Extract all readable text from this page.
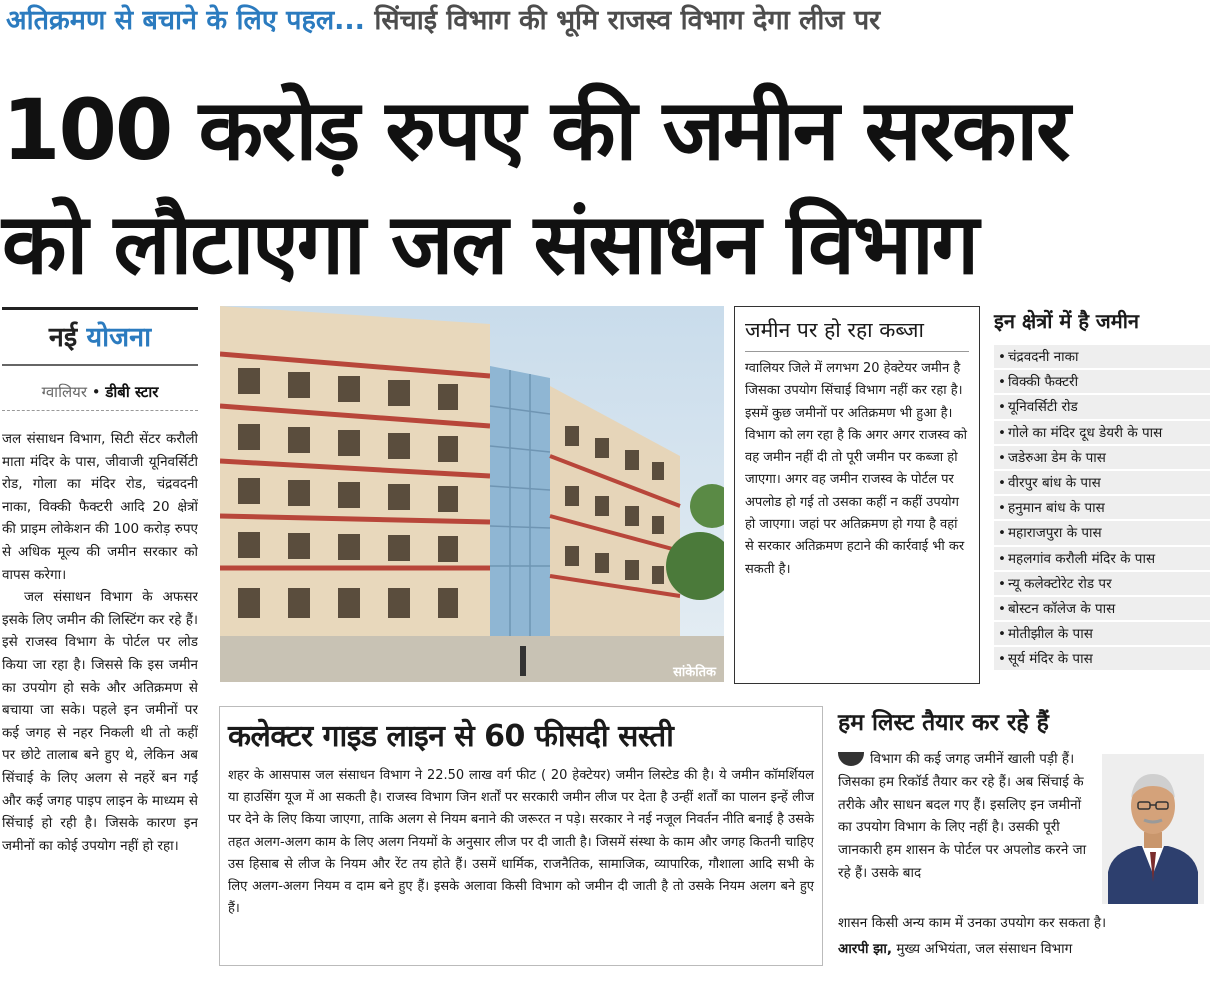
अतिक्रमण से बचाने के लिए पहल... सिंचाई विभाग की भूमि राजस्व विभाग देगा लीज पर
100 करोड़ रुपए की जमीन सरकार
को लौटाएगा जल संसाधन विभाग
नई योजना
ग्वालियर • डीबी स्टार

जल संसाधन विभाग, सिटी सेंटर करौली माता मंदिर के पास, जीवाजी यूनिवर्सिटी रोड, गोला का मंदिर रोड, चंद्रवदनी नाका, विक्की फैक्टरी आदि 20 क्षेत्रों की प्राइम लोकेशन की 100 करोड़ रुपए से अधिक मूल्य की जमीन सरकार को वापस करेगा।

जल संसाधन विभाग के अफसर इसके लिए जमीन की लिस्टिंग कर रहे हैं। इसे राजस्व विभाग के पोर्टल पर लोड किया जा रहा है। जिससे कि इस जमीन का उपयोग हो सके और अतिक्रमण से बचाया जा सके। पहले इन जमीनों पर कई जगह से नहर निकली थी तो कहीं पर छोटे तालाब बने हुए थे, लेकिन अब सिंचाई के लिए अलग से नहरें बन गईं और कई जगह पाइप लाइन के माध्यम से सिंचाई हो रही है। जिसके कारण इन जमीनों का कोई उपयोग नहीं हो रहा।

सांकेतिक
जमीन पर हो रहा कब्जा

ग्वालियर जिले में लगभग 20 हेक्टेयर जमीन है जिसका उपयोग सिंचाई विभाग नहीं कर रहा है। इसमें कुछ जमीनों पर अतिक्रमण भी हुआ है। विभाग को लग रहा है कि अगर अगर राजस्व को वह जमीन नहीं दी तो पूरी जमीन पर कब्जा हो जाएगा। अगर वह जमीन राजस्व के पोर्टल पर अपलोड हो गई तो उसका कहीं न कहीं उपयोग हो जाएगा। जहां पर अतिक्रमण हो गया है वहां से सरकार अतिक्रमण हटाने की कार्रवाई भी कर सकती है।

इन क्षेत्रों में है जमीन
• चंद्रवदनी नाका
• विक्की फैक्टरी
• यूनिवर्सिटी रोड
• गोले का मंदिर दूध डेयरी के पास
• जडेरुआ डेम के पास
• वीरपुर बांध के पास
• हनुमान बांध के पास
• महाराजपुरा के पास
• महलगांव करौली मंदिर के पास
• न्यू कलेक्टोरेट रोड पर
• बोस्टन कॉलेज के पास
• मोतीझील के पास
• सूर्य मंदिर के पास
कलेक्टर गाइड लाइन से 60 फीसदी सस्ती

शहर के आसपास जल संसाधन विभाग ने 22.50 लाख वर्ग फीट ( 20 हेक्टेयर) जमीन लिस्टेड की है। ये जमीन कॉमर्शियल या हाउसिंग यूज में आ सकती है। राजस्व विभाग जिन शर्तों पर सरकारी जमीन लीज पर देता है उन्हीं शर्तों का पालन इन्हें लीज पर देने के लिए किया जाएगा, ताकि अलग से नियम बनाने की जरूरत न पड़े। सरकार ने नई नजूल निवर्तन नीति बनाई है उसके तहत अलग-अलग काम के लिए अलग नियमों के अनुसार लीज पर दी जाती है। जिसमें संस्था के काम और जगह कितनी चाहिए उस हिसाब से लीज के नियम और रेंट तय होते हैं। उसमें धार्मिक, राजनैतिक, सामाजिक, व्यापारिक, गौशाला आदि सभी के लिए अलग-अलग नियम व दाम बने हुए हैं। इसके अलावा किसी विभाग को जमीन दी जाती है तो उसके नियम अलग बने हुए हैं।

हम लिस्ट तैयार कर रहे हैं
विभाग की कई जगह जमीनें खाली पड़ी हैं। जिसका हम रिकॉर्ड तैयार कर रहे हैं। अब सिंचाई के तरीके और साधन बदल गए हैं। इसलिए इन जमीनों का उपयोग विभाग के लिए नहीं है। उसकी पूरी जानकारी हम शासन के पोर्टल पर अपलोड करने जा रहे हैं। उसके बाद
शासन किसी अन्य काम में उनका उपयोग कर सकता है।
आरपी झा, मुख्य अभियंता, जल संसाधन विभाग
